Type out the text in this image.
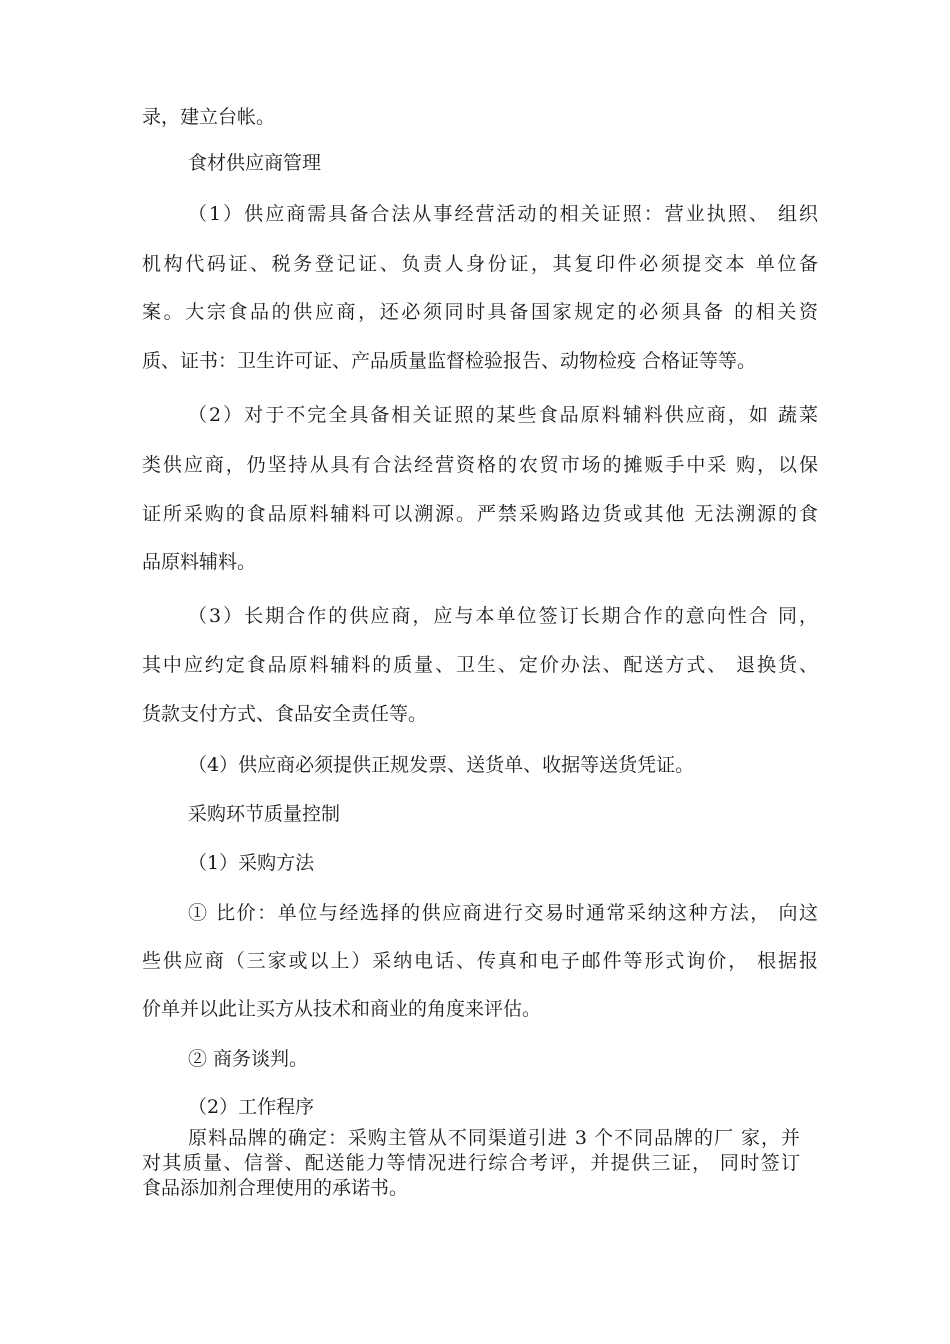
录，建立台帐。
食材供应商管理
（1）供应商需具备合法从事经营活动的相关证照：营业执照、 组织
机构代码证、税务登记证、负责人身份证，其复印件必须提交本 单位备
案。大宗食品的供应商，还必须同时具备国家规定的必须具备 的相关资
质、证书：卫生许可证、产品质量监督检验报告、动物检疫 合格证等等。
（2）对于不完全具备相关证照的某些食品原料辅料供应商，如 蔬菜
类供应商，仍坚持从具有合法经营资格的农贸市场的摊贩手中采 购，以保
证所采购的食品原料辅料可以溯源。严禁采购路边货或其他 无法溯源的食
品原料辅料。
（3）长期合作的供应商，应与本单位签订长期合作的意向性合 同，
其中应约定食品原料辅料的质量、卫生、定价办法、配送方式、 退换货、
货款支付方式、食品安全责任等。
（4）供应商必须提供正规发票、送货单、收据等送货凭证。
采购环节质量控制
（1）采购方法
① 比价：单位与经选择的供应商进行交易时通常采纳这种方法， 向这
些供应商（三家或以上）采纳电话、传真和电子邮件等形式询价， 根据报
价单并以此让买方从技术和商业的角度来评估。
② 商务谈判。
（2）工作程序
原料品牌的确定：采购主管从不同渠道引进 3 个不同品牌的厂 家，并
对其质量、信誉、配送能力等情况进行综合考评，并提供三证， 同时签订
食品添加剂合理使用的承诺书。
